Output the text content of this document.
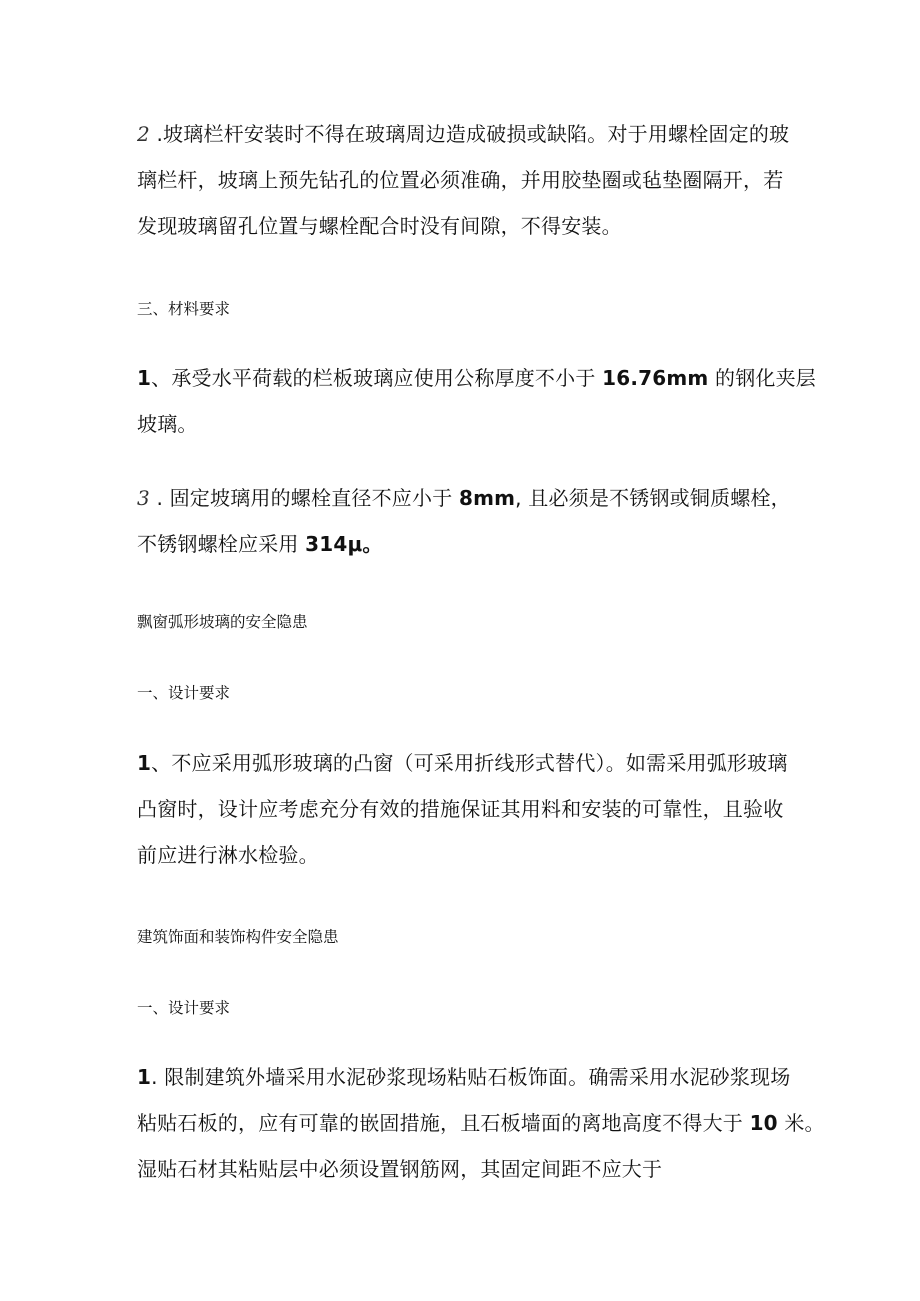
2 .坡璃栏杆安装时不得在玻璃周边造成破损或缺陷。对于用螺栓固定的玻
璃栏杆，坡璃上预先钻孔的位置必须准确，并用胶垫圈或毡垫圈隔开，若
发现玻璃留孔位置与螺栓配合时没有间隙，不得安装。
三、材料要求
1、承受水平荷载的栏板玻璃应使用公称厚度不小于 16.76mm 的钢化夹层
坡璃。
3 . 固定坡璃用的螺栓直径不应小于 8mm, 且必须是不锈钢或铜质螺栓，
不锈钢螺栓应采用 314μ。
飘窗弧形坡璃的安全隐患
一、设计要求
1、不应采用弧形玻璃的凸窗（可采用折线形式替代）。如需采用弧形玻璃
凸窗时，设计应考虑充分有效的措施保证其用料和安装的可靠性，且验收
前应进行淋水检验。
建筑饰面和装饰构件安全隐患
一、设计要求
1. 限制建筑外墙采用水泥砂浆现场粘贴石板饰面。确需采用水泥砂浆现场
粘贴石板的，应有可靠的嵌固措施，且石板墙面的离地高度不得大于 10 米。
湿贴石材其粘贴层中必须设置钢筋网，其固定间距不应大于
